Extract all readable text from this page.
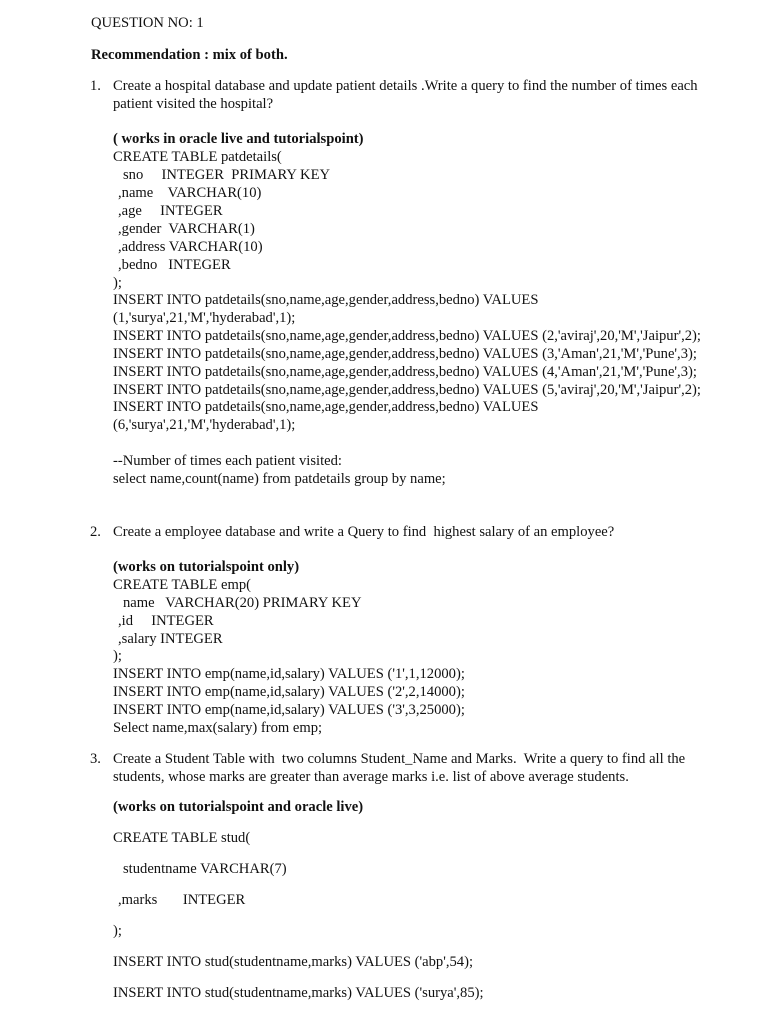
QUESTION NO: 1
Recommendation : mix of both.
1. Create a hospital database and update patient details .Write a query to find the number of times each
patient visited the hospital?
( works in oracle live and tutorialspoint)
CREATE TABLE patdetails(
sno     INTEGER  PRIMARY KEY
,name    VARCHAR(10)
,age     INTEGER
,gender  VARCHAR(1)
,address VARCHAR(10)
,bedno   INTEGER
);
INSERT INTO patdetails(sno,name,age,gender,address,bedno) VALUES
(1,'surya',21,'M','hyderabad',1);
INSERT INTO patdetails(sno,name,age,gender,address,bedno) VALUES (2,'aviraj',20,'M','Jaipur',2);
INSERT INTO patdetails(sno,name,age,gender,address,bedno) VALUES (3,'Aman',21,'M','Pune',3);
INSERT INTO patdetails(sno,name,age,gender,address,bedno) VALUES (4,'Aman',21,'M','Pune',3);
INSERT INTO patdetails(sno,name,age,gender,address,bedno) VALUES (5,'aviraj',20,'M','Jaipur',2);
INSERT INTO patdetails(sno,name,age,gender,address,bedno) VALUES
(6,'surya',21,'M','hyderabad',1);
--Number of times each patient visited:
select name,count(name) from patdetails group by name;
2. Create a employee database and write a Query to find  highest salary of an employee?
(works on tutorialspoint only)
CREATE TABLE emp(
name   VARCHAR(20) PRIMARY KEY
,id     INTEGER
,salary INTEGER
);
INSERT INTO emp(name,id,salary) VALUES ('1',1,12000);
INSERT INTO emp(name,id,salary) VALUES ('2',2,14000);
INSERT INTO emp(name,id,salary) VALUES ('3',3,25000);
Select name,max(salary) from emp;
3. Create a Student Table with  two columns Student_Name and Marks.  Write a query to find all the
students, whose marks are greater than average marks i.e. list of above average students.
(works on tutorialspoint and oracle live)
CREATE TABLE stud(
studentname VARCHAR(7)
,marks       INTEGER
);
INSERT INTO stud(studentname,marks) VALUES ('abp',54);
INSERT INTO stud(studentname,marks) VALUES ('surya',85);
